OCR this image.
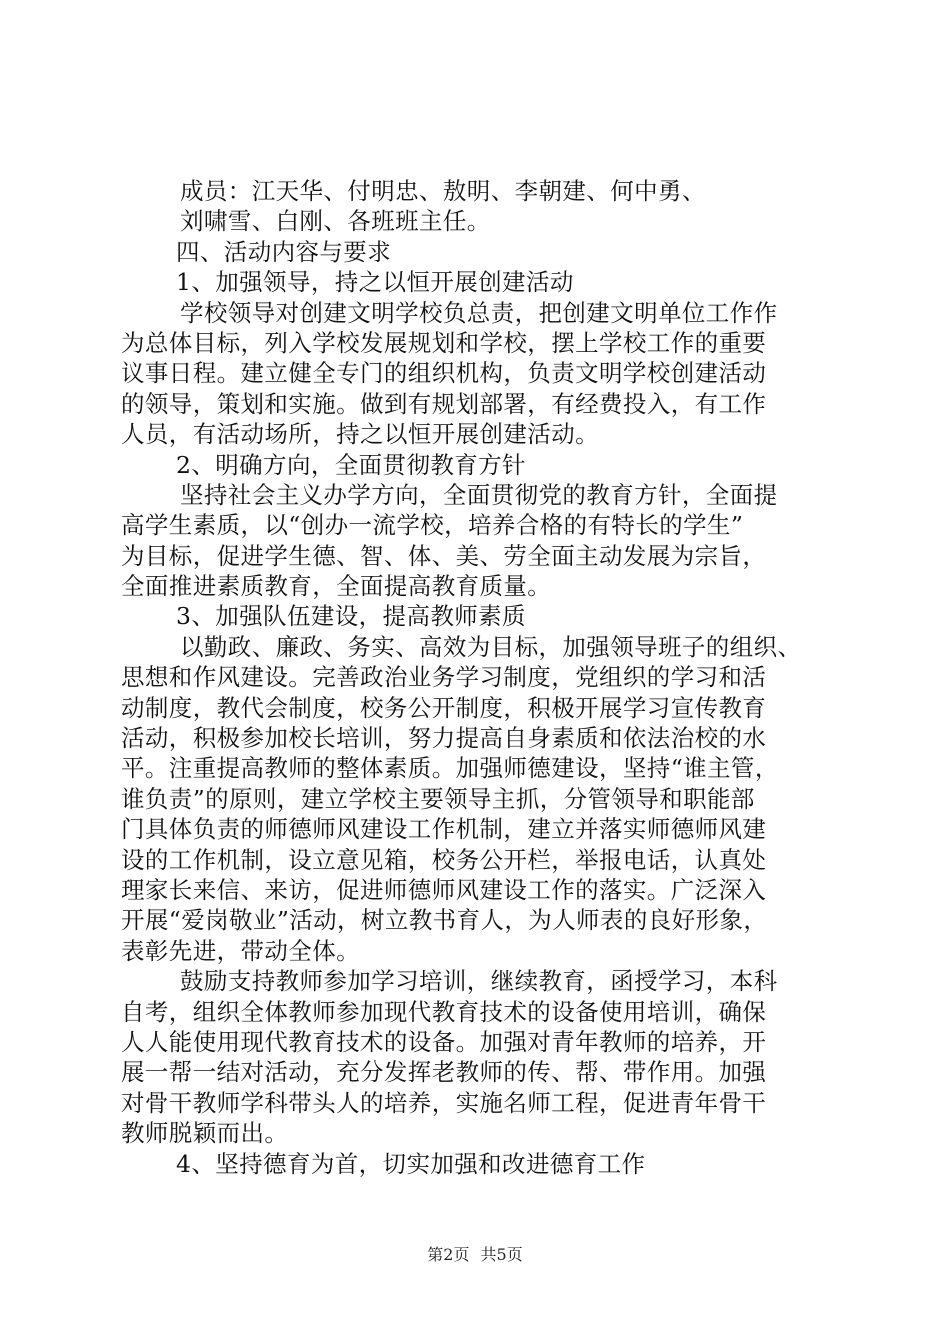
成员：江天华、付明忠、敖明、李朝建、何中勇、
刘啸雪、白刚、各班班主任。
四、活动内容与要求
1、加强领导，持之以恒开展创建活动
学校领导对创建文明学校负总责，把创建文明单位工作作
为总体目标，列入学校发展规划和学校，摆上学校工作的重要
议事日程。建立健全专门的组织机构，负责文明学校创建活动
的领导，策划和实施。做到有规划部署，有经费投入，有工作
人员，有活动场所，持之以恒开展创建活动。
2、明确方向，全面贯彻教育方针
坚持社会主义办学方向，全面贯彻党的教育方针，全面提
高学生素质，以“创办一流学校，培养合格的有特长的学生”
为目标，促进学生德、智、体、美、劳全面主动发展为宗旨，
全面推进素质教育，全面提高教育质量。
3、加强队伍建设，提高教师素质
以勤政、廉政、务实、高效为目标，加强领导班子的组织、
思想和作风建设。完善政治业务学习制度，党组织的学习和活
动制度，教代会制度，校务公开制度，积极开展学习宣传教育
活动，积极参加校长培训，努力提高自身素质和依法治校的水
平。注重提高教师的整体素质。加强师德建设，坚持“谁主管，
谁负责”的原则，建立学校主要领导主抓，分管领导和职能部
门具体负责的师德师风建设工作机制，建立并落实师德师风建
设的工作机制，设立意见箱，校务公开栏，举报电话，认真处
理家长来信、来访，促进师德师风建设工作的落实。广泛深入
开展“爱岗敬业”活动，树立教书育人，为人师表的良好形象，
表彰先进，带动全体。
鼓励支持教师参加学习培训，继续教育，函授学习，本科
自考，组织全体教师参加现代教育技术的设备使用培训，确保
人人能使用现代教育技术的设备。加强对青年教师的培养，开
展一帮一结对活动，充分发挥老教师的传、帮、带作用。加强
对骨干教师学科带头人的培养，实施名师工程，促进青年骨干
教师脱颖而出。
4、坚持德育为首，切实加强和改进德育工作
第2页 共5页
